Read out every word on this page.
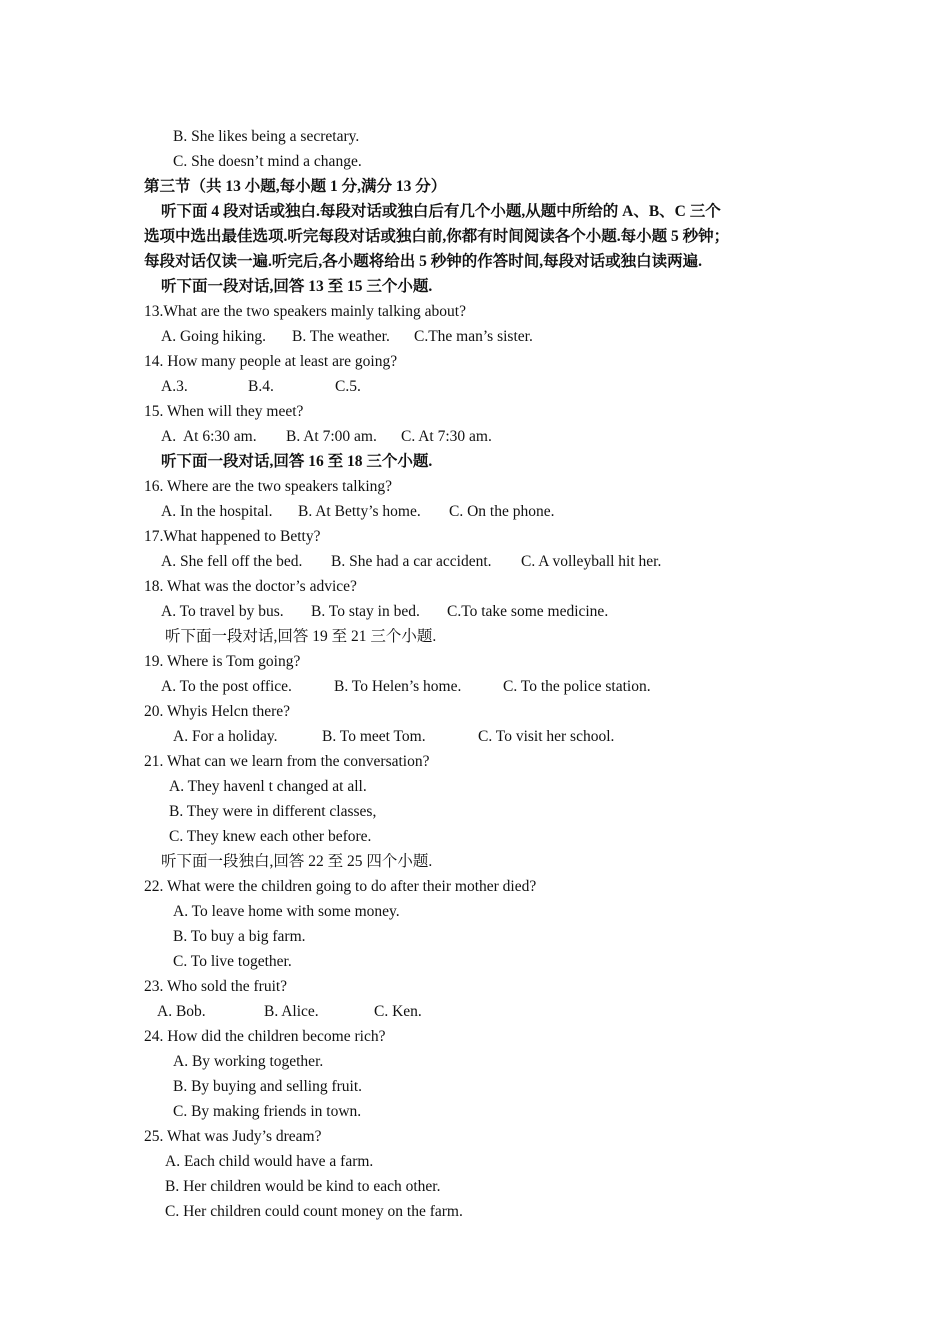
B. She likes being a secretary.
C. She doesn’t mind a change.
第三节（共 13 小题,每小题 1 分,满分 13 分）
听下面 4 段对话或独白.每段对话或独白后有几个小题,从题中所给的 A、B、C 三个
选项中选出最佳选项.听完每段对话或独白前,你都有时间阅读各个小题.每小题 5 秒钟；
每段对话仅读一遍.听完后,各小题将给出 5 秒钟的作答时间,每段对话或独白读两遍.
听下面一段对话,回答 13 至 15 三个小题.
13.What are the two speakers mainly talking about?
A. Going hiking. B. The weather. C.The man’s sister.
14. How many people at least are going?
A.3.	B.4.	C.5.
15. When will they meet?
A.  At 6:30 am. B. At 7:00 am. C. At 7:30 am.
听下面一段对话,回答 16 至 18 三个小题.
16. Where are the two speakers talking?
A. In the hospital. B. At Betty’s home. C. On the phone.
17.What happened to Betty?
A. She fell off the bed. B. She had a car accident. C. A volleyball hit her.
18. What was the doctor’s advice?
A. To travel by bus. B. To stay in bed. C.To take some medicine.
听下面一段对话,回答 19 至 21 三个小题.
19. Where is Tom going?
A. To the post office.	B. To Helen’s home.	C. To the police station.
20. Whyis Helcn there?
A. For a holiday.	B. To meet Tom.	C. To visit her school.
21. What can we learn from the conversation?
A. They havenl t changed at all.
B. They were in different classes,
C. They knew each other before.
听下面一段独白,回答 22 至 25 四个小题.
22. What were the children going to do after their mother died?
A. To leave home with some money.
B. To buy a big farm.
C. To live together.
23. Who sold the fruit?
A. Bob.	B. Alice.	C. Ken.
24. How did the children become rich?
A. By working together.
B. By buying and selling fruit.
C. By making friends in town.
25. What was Judy’s dream?
A. Each child would have a farm.
B. Her children would be kind to each other.
C. Her children could count money on the farm.
